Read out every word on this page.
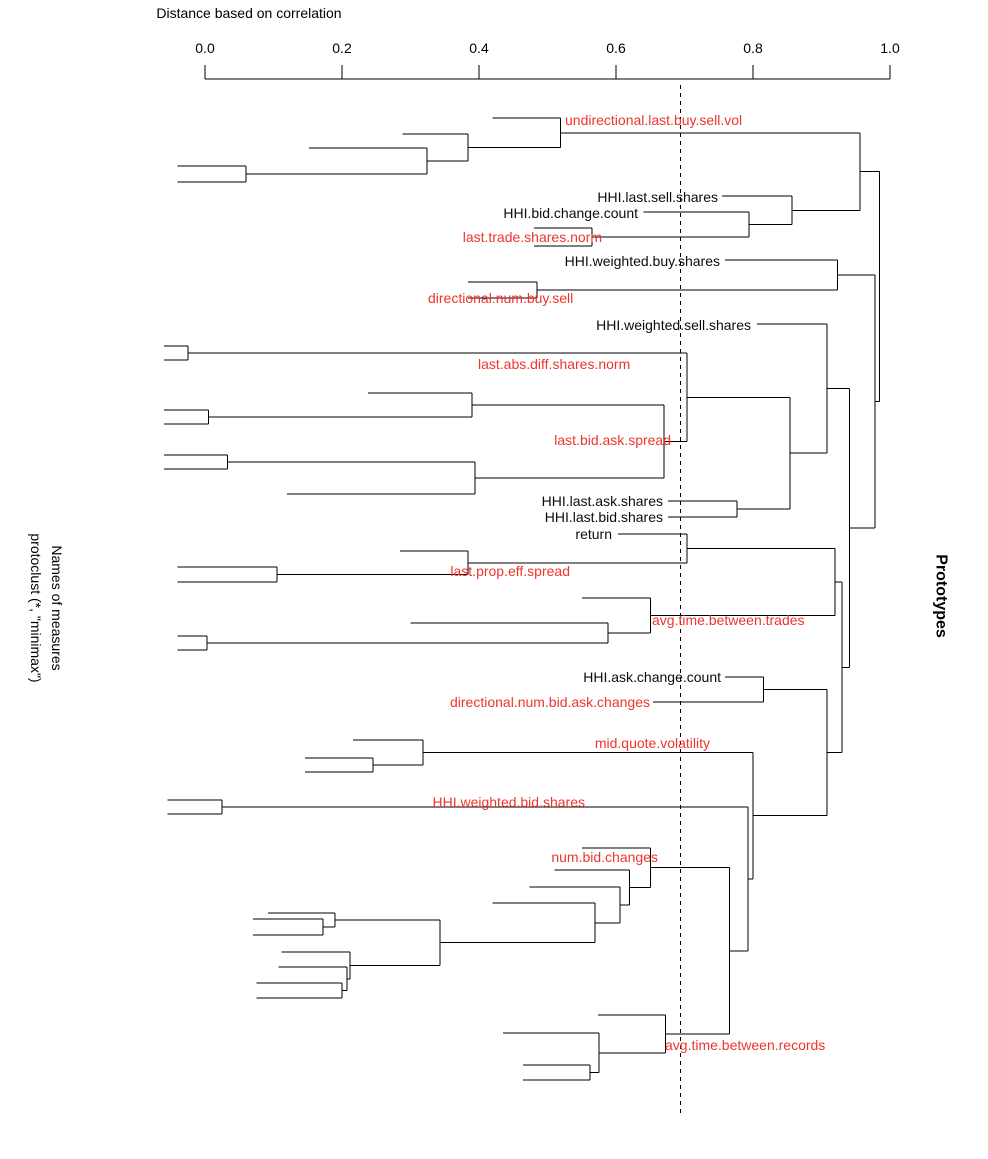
Distance based on correlation
0.0	0.2	0.4	0.6	0.8	1.0
undirectional.last.buy.sell.vol
HHI.last.sell.shares
HHI.bid.change.count
last.trade.shares.norm
HHI.weighted.buy.shares
directional.num.buy.sell
HHI.weighted.sell.shares
last.abs.diff.shares.norm
last.bid.ask.spread
HHI.last.ask.shares
HHI.last.bid.shares
return
last.prop.eff.spread
avg.time.between.trades
HHI.ask.change.count
directional.num.bid.ask.changes
mid.quote.volatility
HHI.weighted.bid.shares
num.bid.changes
avg.time.between.records
Names of measures
protoclust (*, "minimax")	Prototypes
